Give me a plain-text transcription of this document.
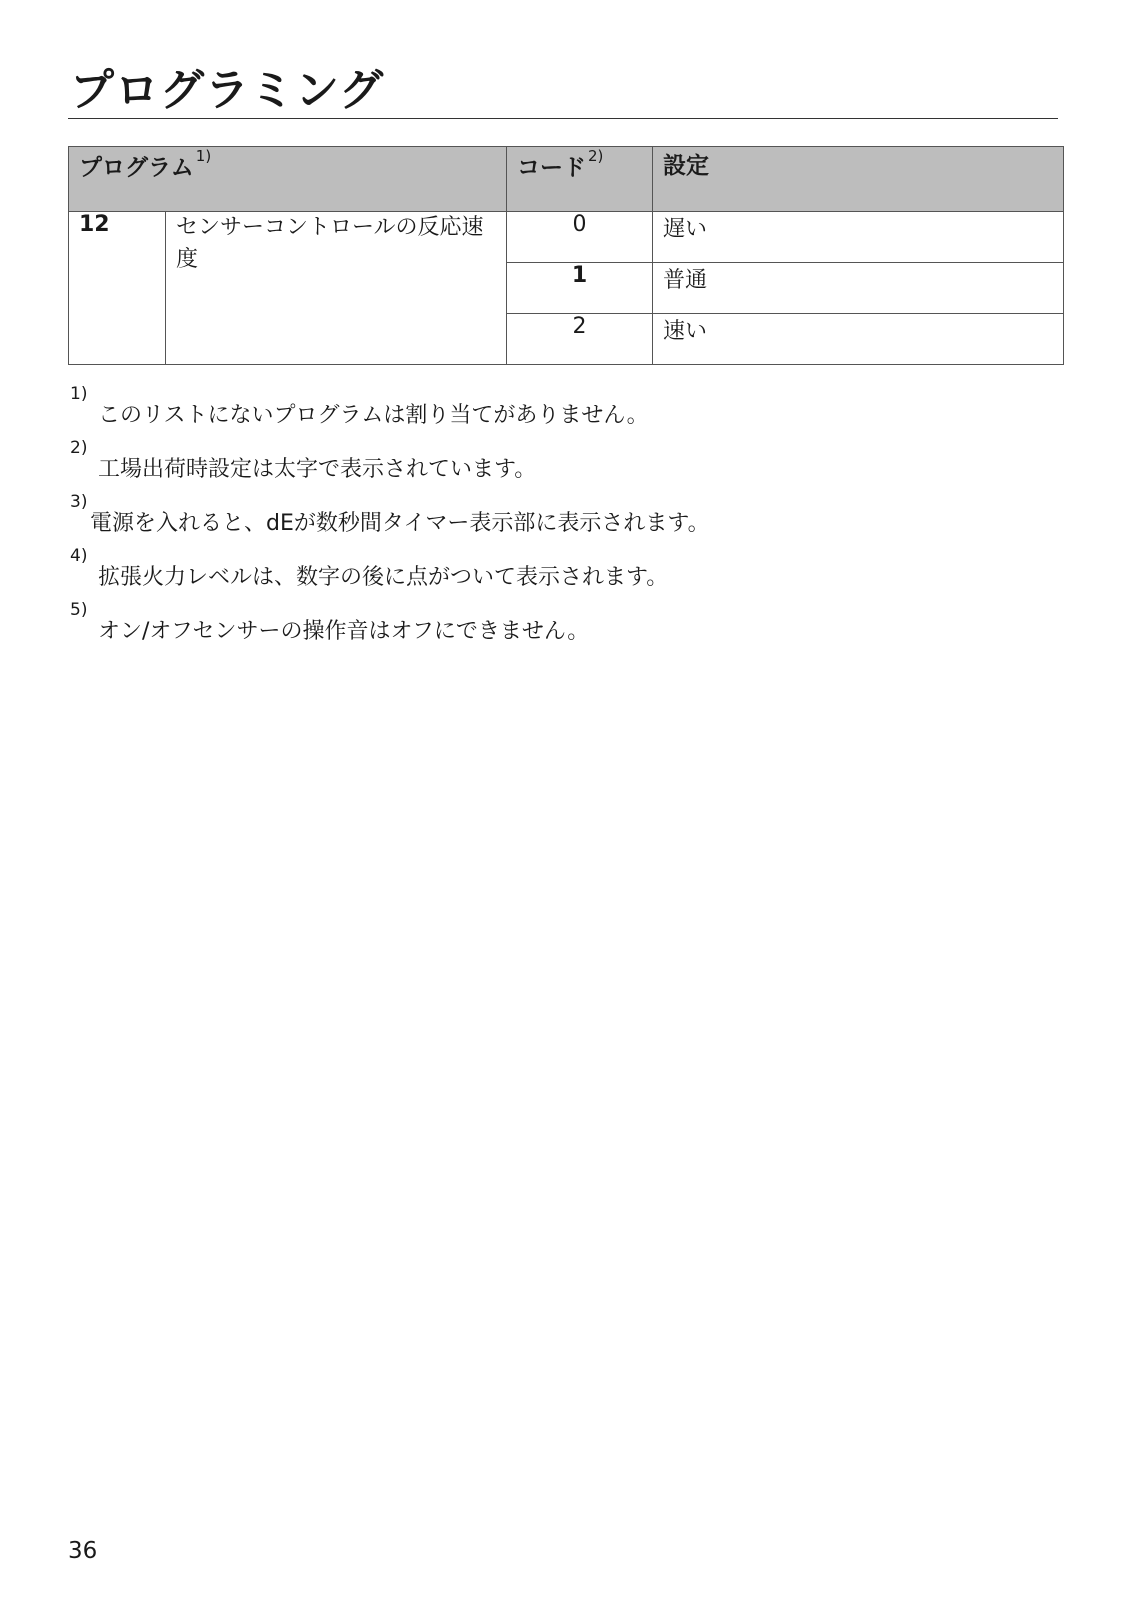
プログラミング
プログラム $^{1)}$		コード $^{2)}$	設定
12	センサーコントロールの反応速度	0	遅い
		1	普通
		2	速い
1)
このリストにないプログラムは割り当てがありません。
2)
工場出荷時設定は太字で表示されています。
3)
電源を入れると、dEが数秒間タイマー表示部に表示されます。
4)
拡張火力レベルは、数字の後に点がついて表示されます。
5)
オン/オフセンサーの操作音はオフにできません。
36
